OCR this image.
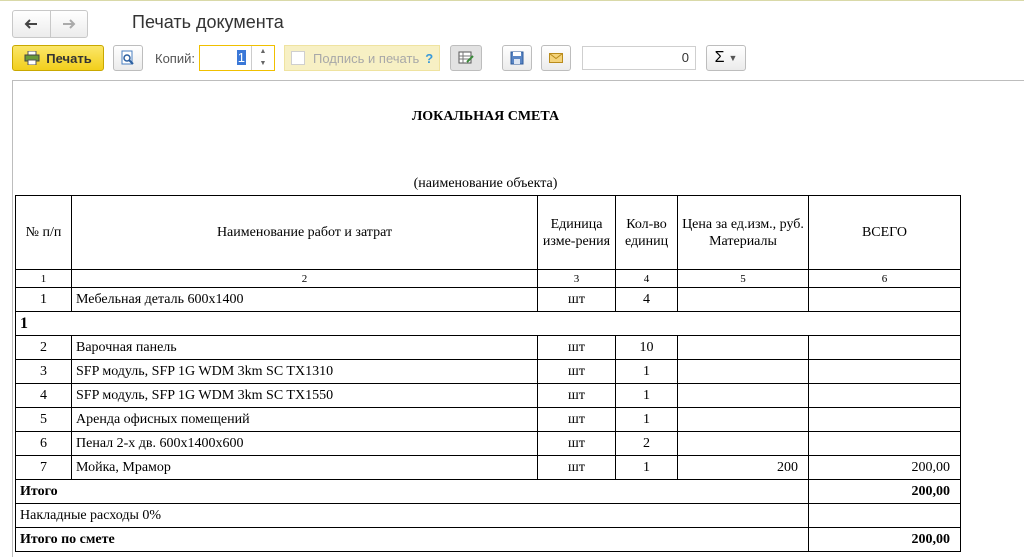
Печать документа
Печать	Копий:	1	▲
▼	Подпись и печать ?	0	Σ ▼
ЛОКАЛЬНАЯ СМЕТА
(наименование объекта)
№ п/п	Наименование работ и затрат	Единица изме-рения	Кол-во единиц	Цена за ед.изм., руб. Материалы	ВСЕГО
1	2	3	4	5	6
1	Мебельная деталь 600х1400	шт	4		
1					
2	Варочная панель	шт	10		
3	SFP модуль, SFP 1G WDM 3km SC TX1310	шт	1		
4	SFP модуль, SFP 1G WDM 3km SC TX1550	шт	1		
5	Аренда офисных помещений	шт	1		
6	Пенал 2-х дв. 600х1400х600	шт	2		
7	Мойка, Мрамор	шт	1	200	200,00
Итого					200,00
Накладные расходы 0%					
Итого по смете					200,00
